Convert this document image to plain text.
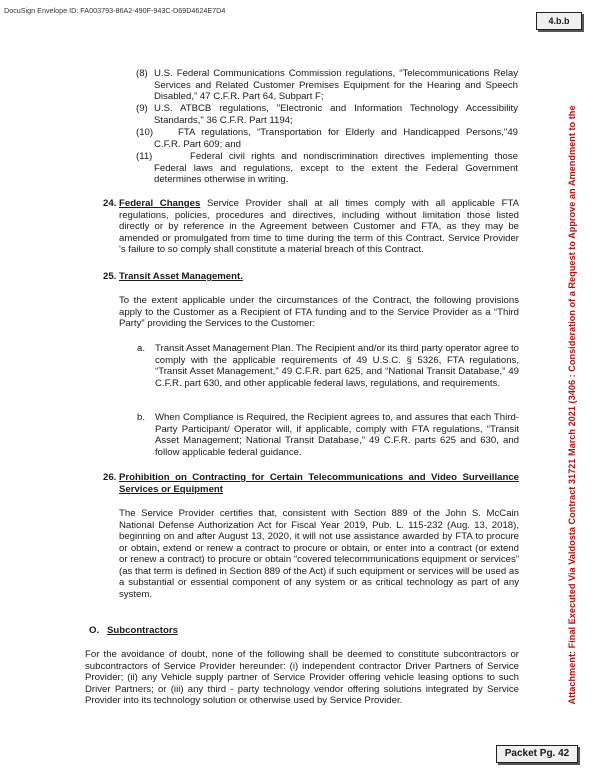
DocuSign Envelope ID: FA003793-86A2-490F-943C-D69D4624E7D4
4.b.b
(8) U.S. Federal Communications Commission regulations, “Telecommunications Relay Services and Related Customer Premises Equipment for the Hearing and Speech Disabled,” 47 C.F.R. Part 64, Subpart F;
(9) U.S. ATBCB regulations, "Electronic and Information Technology Accessibility Standards," 36 C.F.R. Part 1194;
(10)	FTA regulations, “Transportation for Elderly and Handicapped Persons,"49 C.F.R. Part 609; and
(11)	Federal civil rights and nondiscrimination directives implementing those Federal laws and regulations, except to the extent the Federal Government determines otherwise in writing.
24. Federal Changes Service Provider shall at all times comply with all applicable FTA regulations, policies, procedures and directives, including without limitation those listed directly or by reference in the Agreement between Customer and FTA, as they may be amended or promulgated from time to time during the term of this Contract. Service Provider 's failure to so comply shall constitute a material breach of this Contract.
25. Transit Asset Management.
To the extent applicable under the circumstances of the Contract, the following provisions apply to the Customer as a Recipient of FTA funding and to the Service Provider as a “Third Party” providing the Services to the Customer:
a. Transit Asset Management Plan. The Recipient and/or its third party operator agree to comply with the applicable requirements of 49 U.S.C. § 5326, FTA regulations, “Transit Asset Management,” 49 C.F.R. part 625, and “National Transit Database,” 49 C.F.R. part 630, and other applicable federal laws, regulations, and requirements.
b. When Compliance is Required, the Recipient agrees to, and assures that each Third-Party Participant/ Operator will, if applicable, comply with FTA regulations, “Transit Asset Management; National Transit Database,” 49 C.F.R. parts 625 and 630, and follow applicable federal guidance.
26. Prohibition on Contracting for Certain Telecommunications and Video Surveillance Services or Equipment
The Service Provider certifies that, consistent with Section 889 of the John S. McCain National Defense Authorization Act for Fiscal Year 2019, Pub. L. 115-232 (Aug. 13, 2018), beginning on and after August 13, 2020, it will not use assistance awarded by FTA to procure or obtain, extend or renew a contract to procure or obtain, or enter into a contract (or extend or renew a contract) to procure or obtain “covered telecommunications equipment or services” (as that term is defined in Section 889 of the Act) if such equipment or services will be used as a substantial or essential component of any system or as critical technology as part of any system.
O. Subcontractors
For the avoidance of doubt, none of the following shall be deemed to constitute subcontractors or subcontractors of Service Provider hereunder: (i) independent contractor Driver Partners of Service Provider; (ii) any Vehicle supply partner of Service Provider offering vehicle leasing options to such Driver Partners; or (iii) any third - party technology vendor offering solutions integrated by Service Provider into its technology solution or otherwise used by Service Provider.	Attachment: Final Executed Via Valdosta Contract 31721 March 2021 (3406 : Consideration of a Request to Approve an Amendment to the
Packet Pg. 42
